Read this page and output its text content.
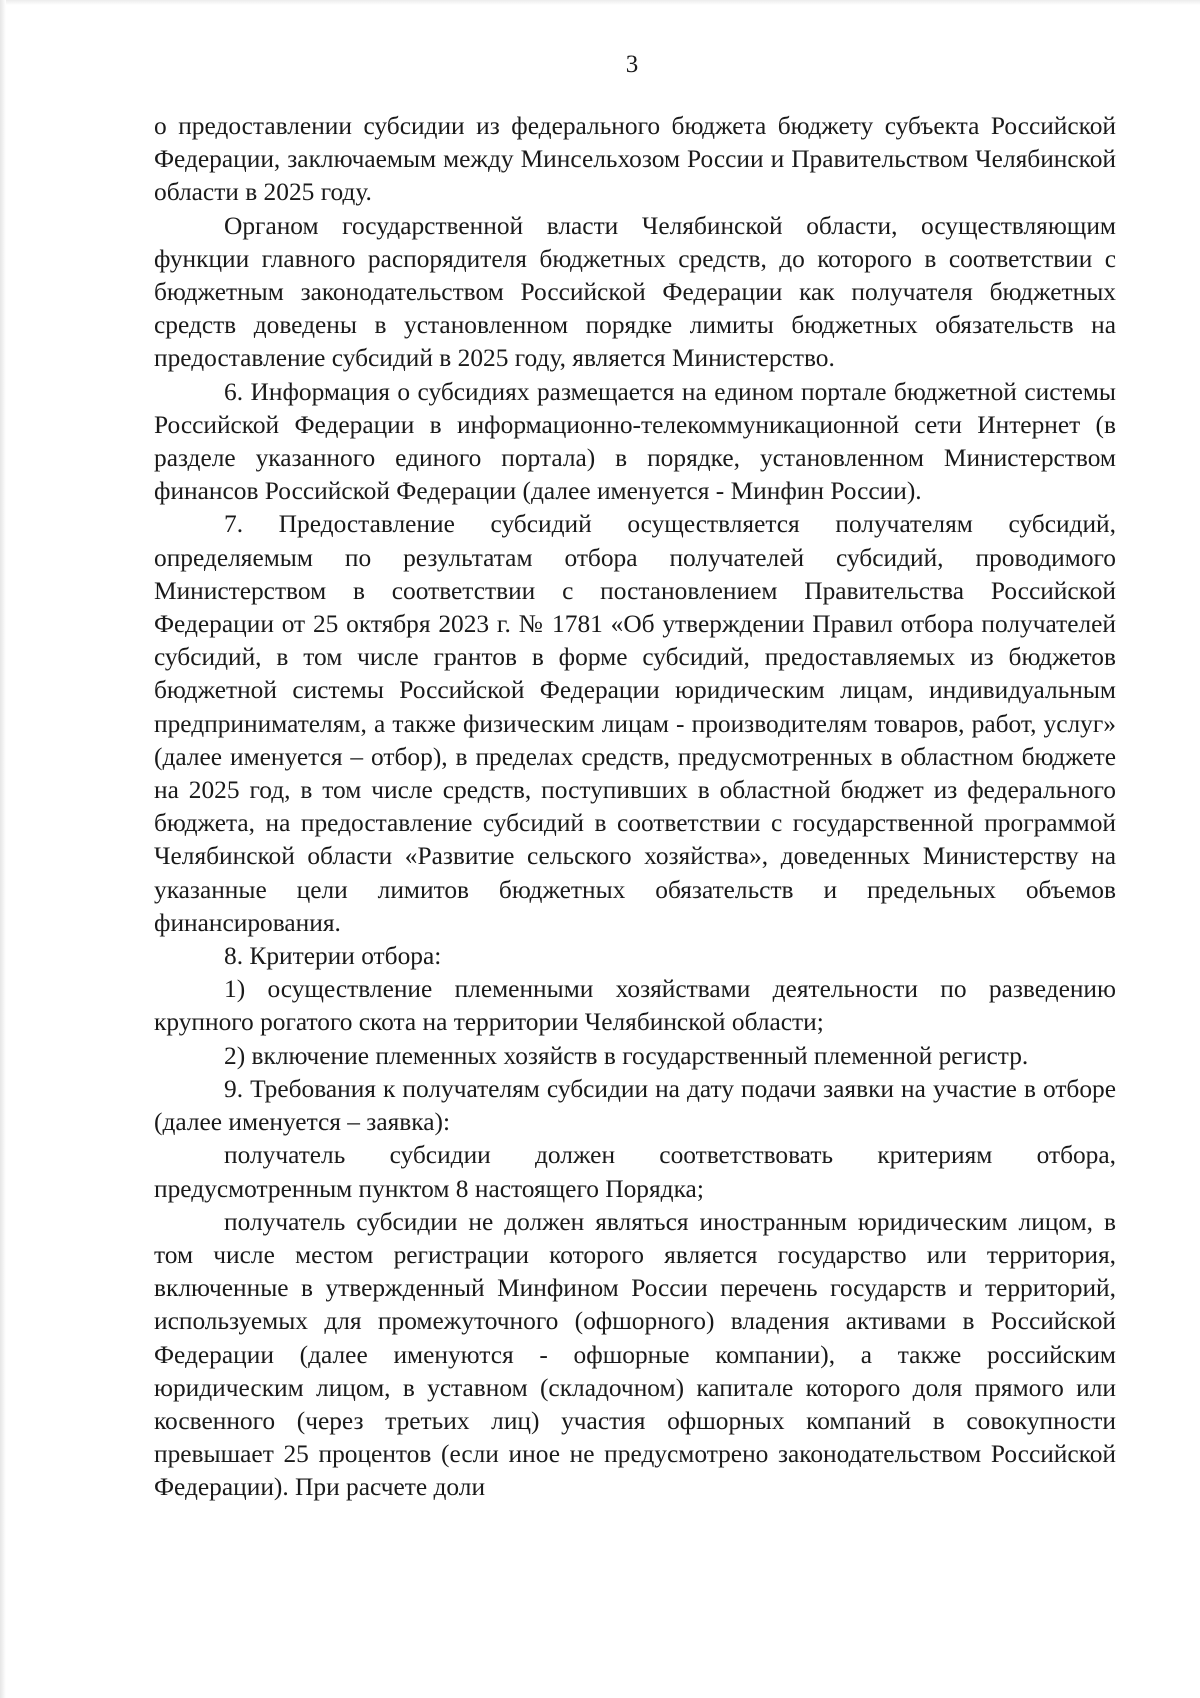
3

о предоставлении субсидии из федерального бюджета бюджету субъекта Российской Федерации, заключаемым между Минсельхозом России и Правительством Челябинской области в 2025 году.

Органом государственной власти Челябинской области, осуществляющим функции главного распорядителя бюджетных средств, до которого в соответствии с бюджетным законодательством Российской Федерации как получателя бюджетных средств доведены в установленном порядке лимиты бюджетных обязательств на предоставление субсидий в 2025 году, является Министерство.

6. Информация о субсидиях размещается на едином портале бюджетной системы Российской Федерации в информационно-телекоммуникационной сети Интернет (в разделе указанного единого портала) в порядке, установленном Министерством финансов Российской Федерации (далее именуется - Минфин России).

7. Предоставление субсидий осуществляется получателям субсидий, определяемым по результатам отбора получателей субсидий, проводимого Министерством в соответствии с постановлением Правительства Российской Федерации от 25 октября 2023 г. № 1781 «Об утверждении Правил отбора получателей субсидий, в том числе грантов в форме субсидий, предоставляемых из бюджетов бюджетной системы Российской Федерации юридическим лицам, индивидуальным предпринимателям, а также физическим лицам - производителям товаров, работ, услуг» (далее именуется – отбор), в пределах средств, предусмотренных в областном бюджете на 2025 год, в том числе средств, поступивших в областной бюджет из федерального бюджета, на предоставление субсидий в соответствии с государственной программой Челябинской области «Развитие сельского хозяйства», доведенных Министерству на указанные цели лимитов бюджетных обязательств и предельных объемов финансирования.

8. Критерии отбора:

1) осуществление племенными хозяйствами деятельности по разведению крупного рогатого скота на территории Челябинской области;

2) включение племенных хозяйств в государственный племенной регистр.

9. Требования к получателям субсидии на дату подачи заявки на участие в отборе (далее именуется – заявка):

получатель субсидии должен соответствовать критериям отбора, предусмотренным пунктом 8 настоящего Порядка;

получатель субсидии не должен являться иностранным юридическим лицом, в том числе местом регистрации которого является государство или территория, включенные в утвержденный Минфином России перечень государств и территорий, используемых для промежуточного (офшорного) владения активами в Российской Федерации (далее именуются - офшорные компании), а также российским юридическим лицом, в уставном (складочном) капитале которого доля прямого или косвенного (через третьих лиц) участия офшорных компаний в совокупности превышает 25 процентов (если иное не предусмотрено законодательством Российской Федерации). При расчете доли
